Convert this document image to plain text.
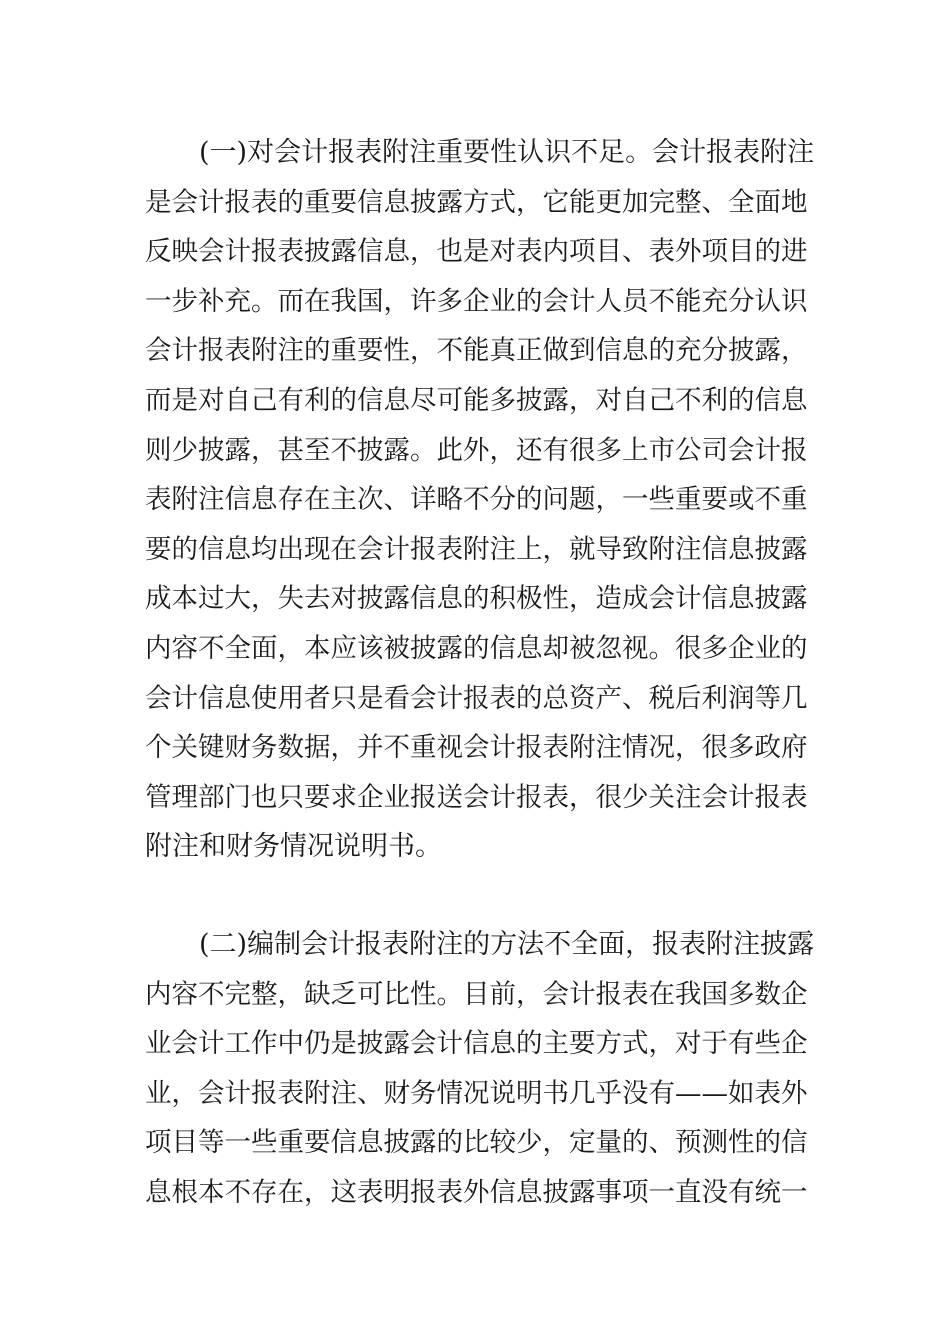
(一)对会计报表附注重要性认识不足。会计报表附注
是会计报表的重要信息披露方式，它能更加完整、全面地
反映会计报表披露信息，也是对表内项目、表外项目的进
一步补充。而在我国，许多企业的会计人员不能充分认识
会计报表附注的重要性，不能真正做到信息的充分披露，
而是对自己有利的信息尽可能多披露，对自己不利的信息
则少披露，甚至不披露。此外，还有很多上市公司会计报
表附注信息存在主次、详略不分的问题，一些重要或不重
要的信息均出现在会计报表附注上，就导致附注信息披露
成本过大，失去对披露信息的积极性，造成会计信息披露
内容不全面，本应该被披露的信息却被忽视。很多企业的
会计信息使用者只是看会计报表的总资产、税后利润等几
个关键财务数据，并不重视会计报表附注情况，很多政府
管理部门也只要求企业报送会计报表，很少关注会计报表
附注和财务情况说明书。
(二)编制会计报表附注的方法不全面，报表附注披露
内容不完整，缺乏可比性。目前，会计报表在我国多数企
业会计工作中仍是披露会计信息的主要方式，对于有些企
业，会计报表附注、财务情况说明书几乎没有——如表外
项目等一些重要信息披露的比较少，定量的、预测性的信
息根本不存在，这表明报表外信息披露事项一直没有统一
